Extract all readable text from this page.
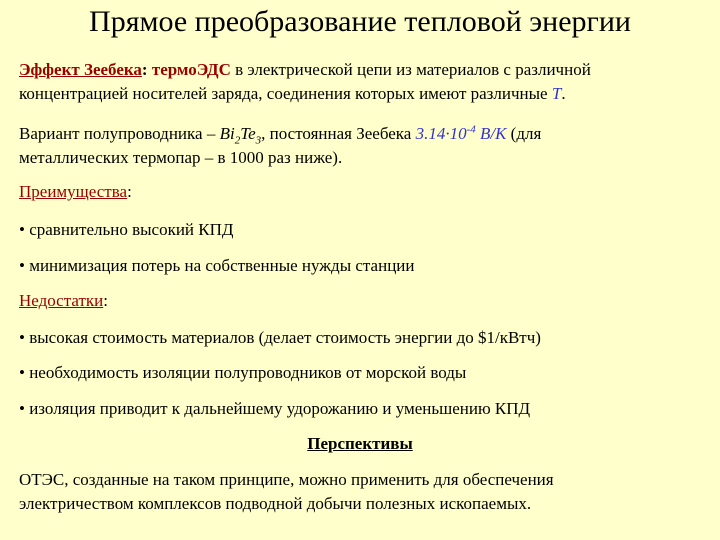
Прямое преобразование тепловой энергии
Эффект Зеебека: термоЭДС в электрической цепи из материалов с различной
концентрацией носителей заряда, соединения которых имеют различные T.
Вариант полупроводника – $Bi_2Te_3$, постоянная Зеебека $3.14\cdot 10^{-4}$ В/К (для
металлических термопар – в 1000 раз ниже).
Преимущества:
• сравнительно высокий КПД
• минимизация потерь на собственные нужды станции
Недостатки:
• высокая стоимость материалов (делает стоимость энергии до $1/кВтч)
• необходимость изоляции полупроводников от морской воды
• изоляция приводит к дальнейшему удорожанию и уменьшению КПД
Перспективы
ОТЭС, созданные на таком принципе, можно применить для обеспечения
электричеством комплексов подводной добычи полезных ископаемых.
